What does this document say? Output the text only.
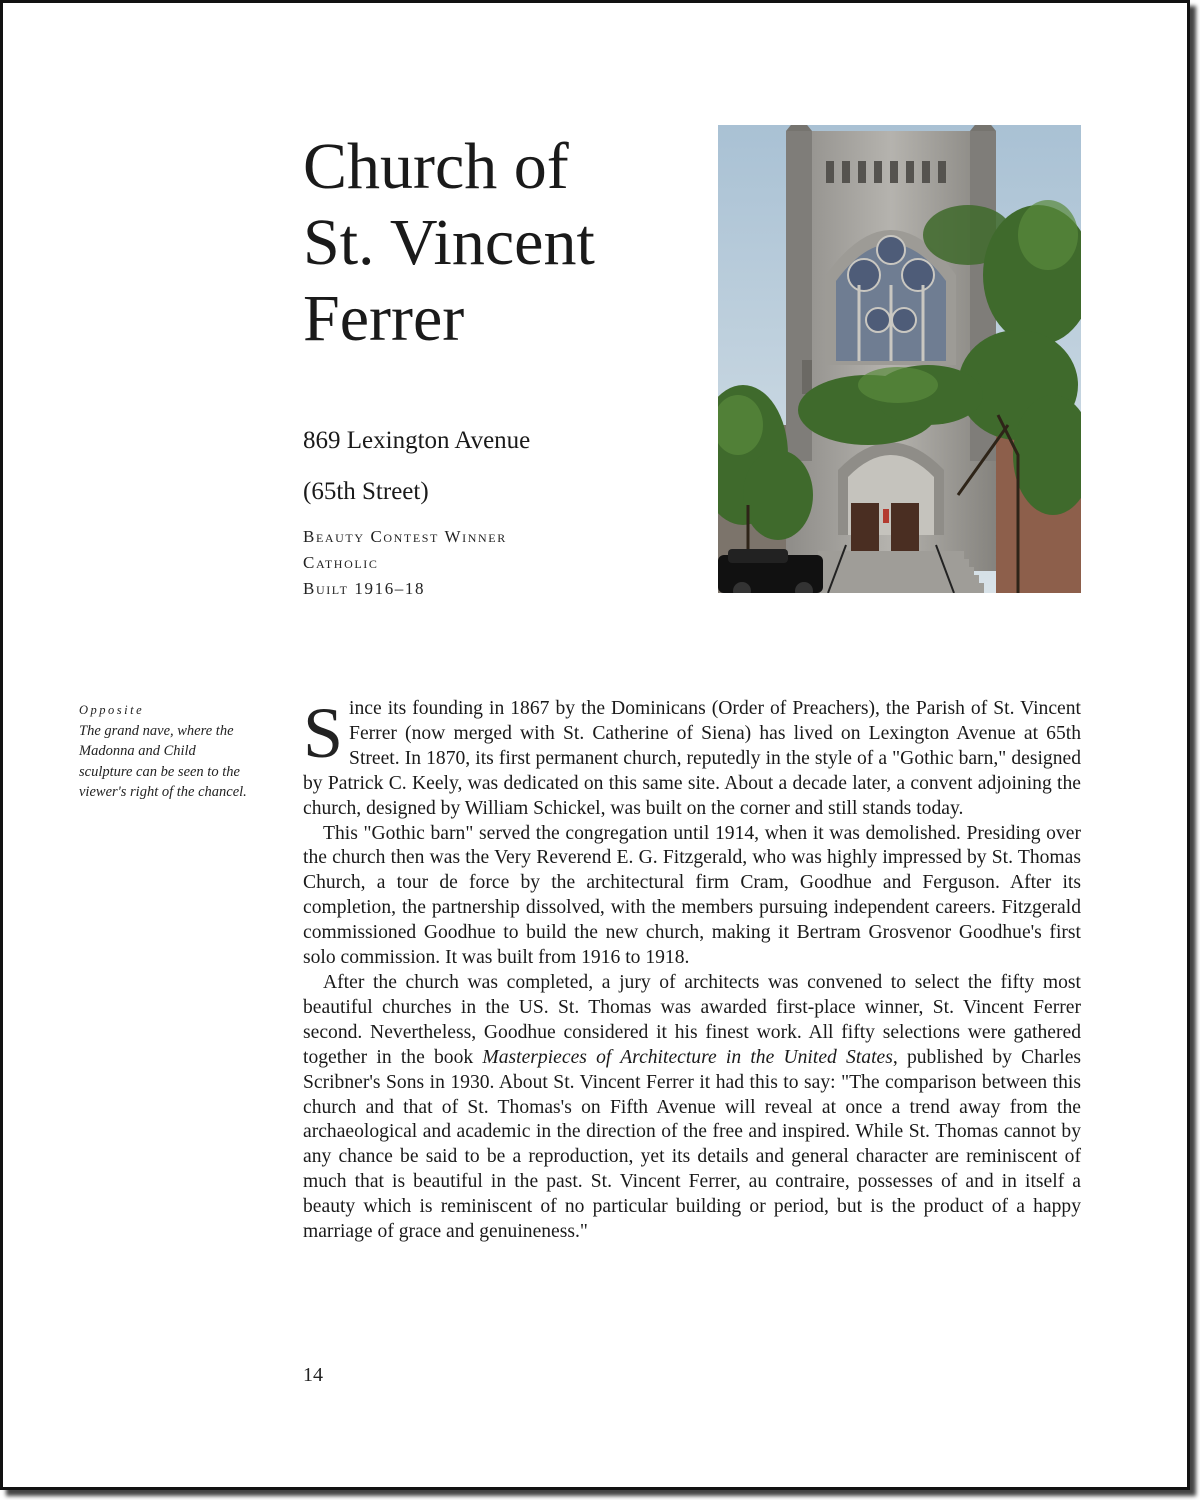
Church of
St. Vincent
Ferrer
869 Lexington Avenue
(65th Street)
Beauty Contest Winner
Catholic
Built 1916–18
Opposite
The grand nave, where the Madonna and Child sculpture can be seen to the viewer's right of the chancel.

Since its founding in 1867 by the Dominicans (Order of Preachers), the Parish of St. Vincent Ferrer (now merged with St. Catherine of Siena) has lived on Lexington Avenue at 65th Street. In 1870, its first permanent church, reputedly in the style of a "Gothic barn," designed by Patrick C. Keely, was dedicated on this same site. About a decade later, a convent adjoining the church, designed by William Schickel, was built on the corner and still stands today.

This "Gothic barn" served the congregation until 1914, when it was demolished. Presiding over the church then was the Very Reverend E. G. Fitzgerald, who was highly impressed by St. Thomas Church, a tour de force by the architectural firm Cram, Goodhue and Ferguson. After its completion, the partnership dissolved, with the members pursuing independent careers. Fitzgerald commissioned Goodhue to build the new church, making it Bertram Grosvenor Goodhue's first solo commission. It was built from 1916 to 1918.

After the church was completed, a jury of architects was convened to select the fifty most beautiful churches in the US. St. Thomas was awarded first-place winner, St. Vincent Ferrer second. Nevertheless, Goodhue considered it his finest work. All fifty selections were gathered together in the book Masterpieces of Architecture in the United States, published by Charles Scribner's Sons in 1930. About St. Vincent Ferrer it had this to say: "The comparison between this church and that of St. Thomas's on Fifth Avenue will reveal at once a trend away from the archaeological and academic in the direction of the free and inspired. While St. Thomas cannot by any chance be said to be a reproduction, yet its details and general character are reminiscent of much that is beautiful in the past. St. Vincent Ferrer, au contraire, possesses of and in itself a beauty which is reminiscent of no particular building or period, but is the product of a happy marriage of grace and genuineness."

14
